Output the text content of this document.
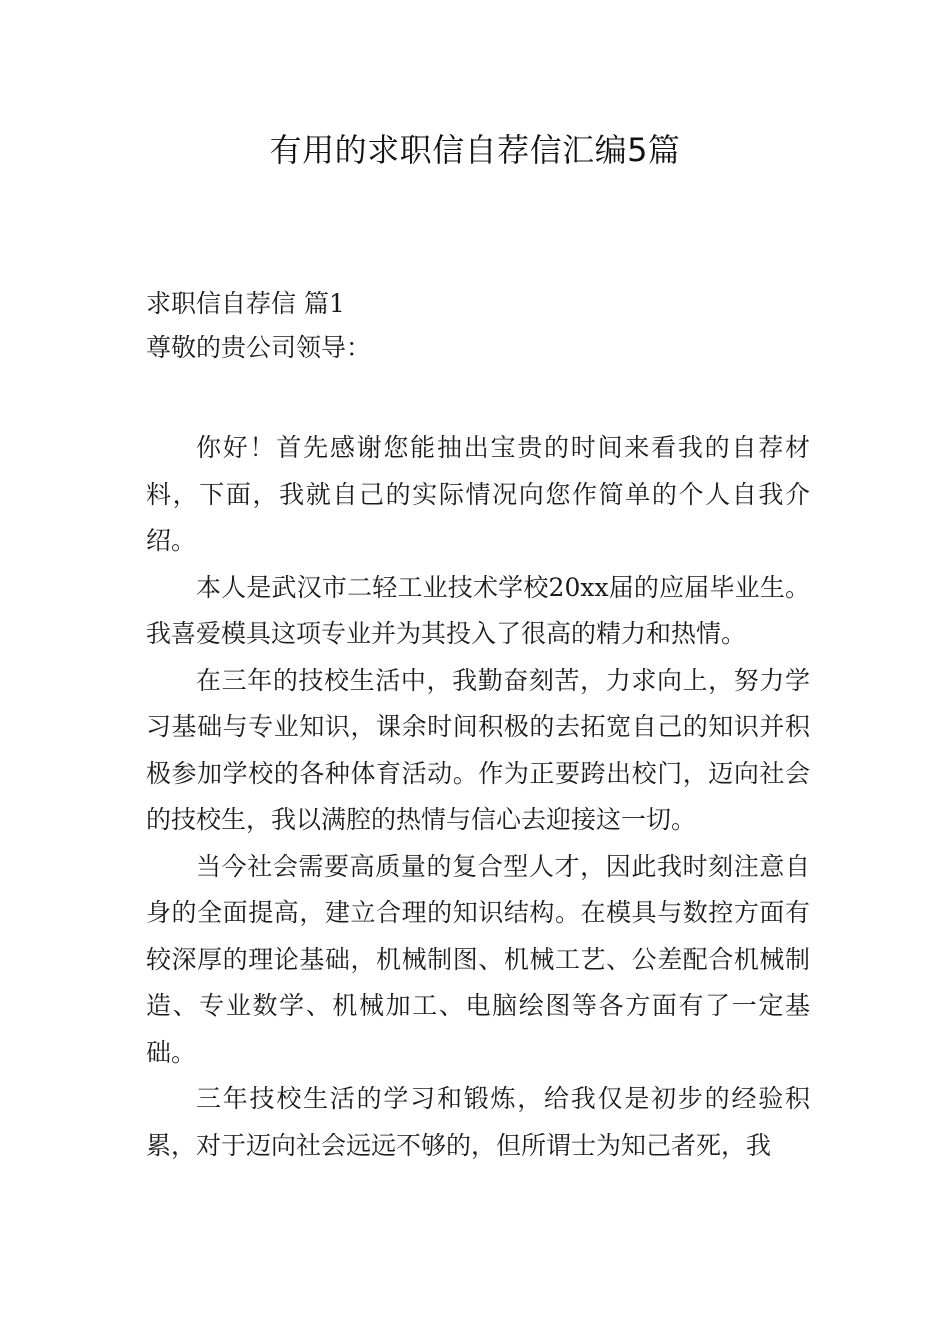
有用的求职信自荐信汇编5篇
求职信自荐信 篇1
尊敬的贵公司领导：

你好！首先感谢您能抽出宝贵的时间来看我的自荐材料，下面，我就自己的实际情况向您作简单的个人自我介绍。

本人是武汉市二轻工业技术学校20xx届的应届毕业生。我喜爱模具这项专业并为其投入了很高的精力和热情。

在三年的技校生活中，我勤奋刻苦，力求向上，努力学习基础与专业知识，课余时间积极的去拓宽自己的知识并积极参加学校的各种体育活动。作为正要跨出校门，迈向社会的技校生，我以满腔的热情与信心去迎接这一切。

当今社会需要高质量的复合型人才，因此我时刻注意自身的全面提高，建立合理的知识结构。在模具与数控方面有较深厚的理论基础，机械制图、机械工艺、公差配合机械制造、专业数学、机械加工、电脑绘图等各方面有了一定基础。

三年技校生活的学习和锻炼，给我仅是初步的经验积累，对于迈向社会远远不够的，但所谓士为知己者死，我
